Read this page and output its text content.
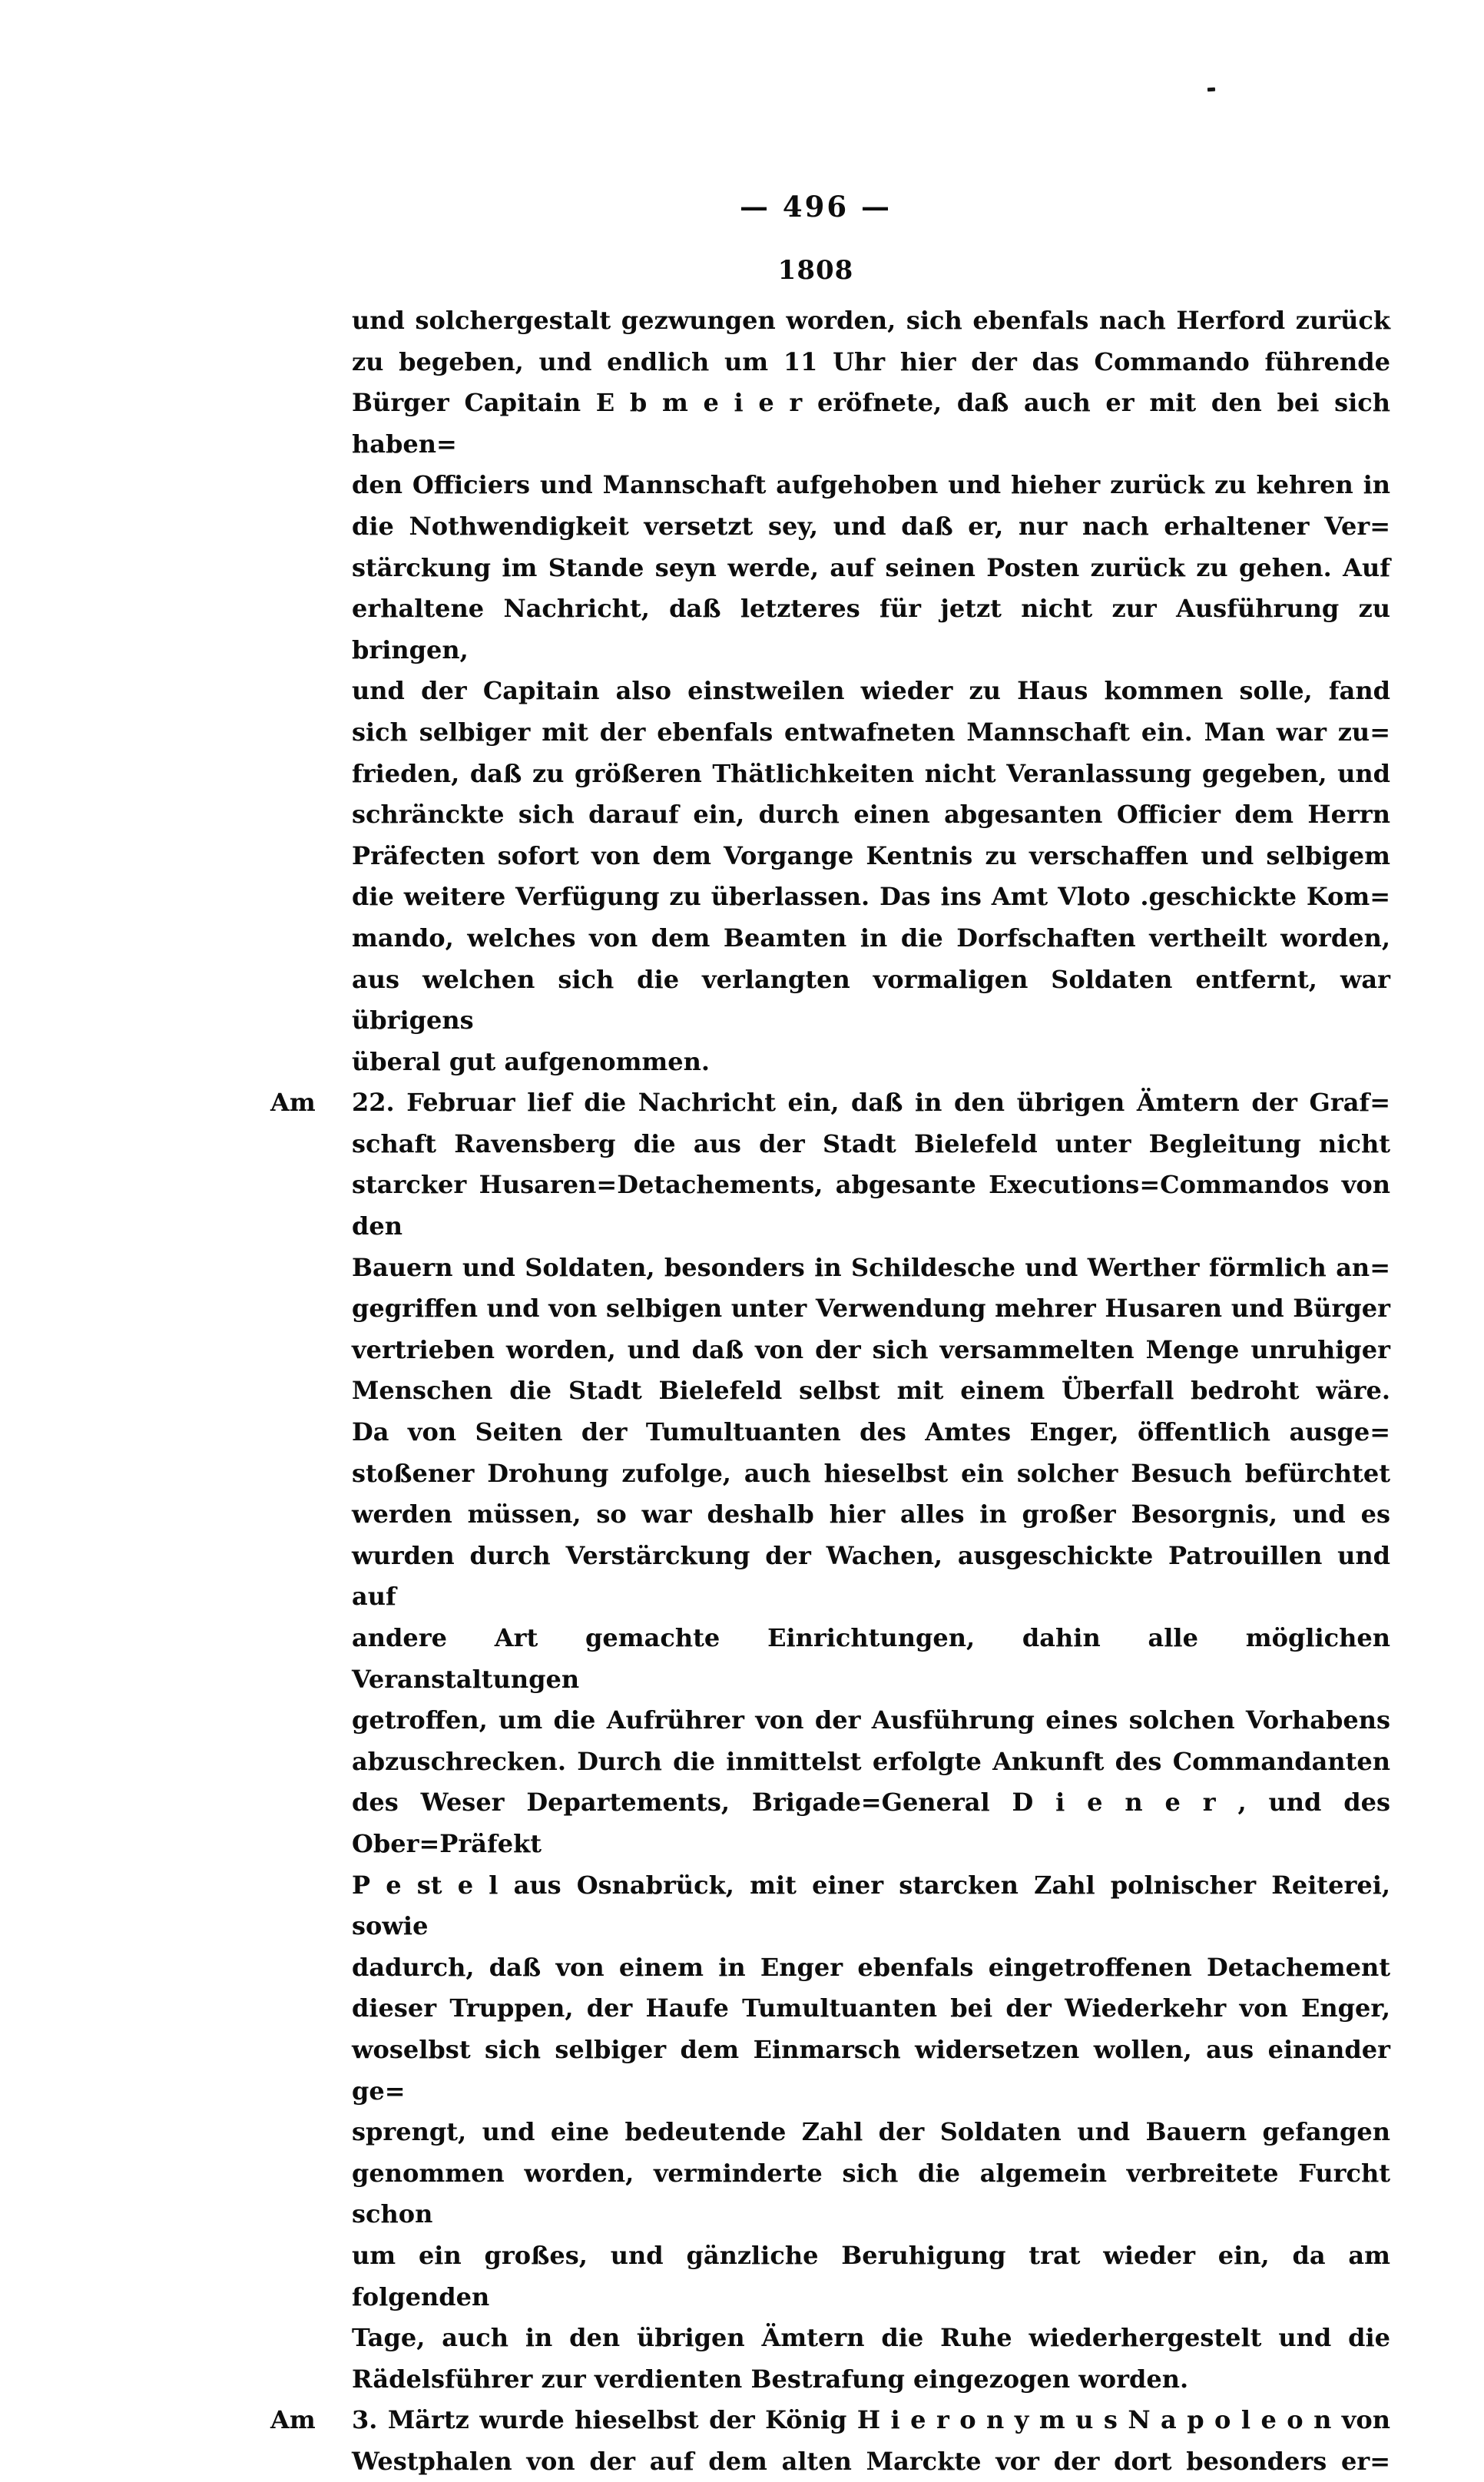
— 496 —
1808
und solchergestalt gezwungen worden, sich ebenfals nach Herford zurück
zu begeben, und endlich um 11 Uhr hier der das Commando führende
Bürger Capitain E b m e i e r eröfnete, daß auch er mit den bei sich haben=
den Officiers und Mannschaft aufgehoben und hieher zurück zu kehren in
die Nothwendigkeit versetzt sey, und daß er, nur nach erhaltener Ver=
stärckung im Stande seyn werde, auf seinen Posten zurück zu gehen. Auf
erhaltene Nachricht, daß letzteres für jetzt nicht zur Ausführung zu bringen,
und der Capitain also einstweilen wieder zu Haus kommen solle, fand
sich selbiger mit der ebenfals entwafneten Mannschaft ein. Man war zu=
frieden, daß zu größeren Thätlichkeiten nicht Veranlassung gegeben, und
schränckte sich darauf ein, durch einen abgesanten Officier dem Herrn
Präfecten sofort von dem Vorgange Kentnis zu verschaffen und selbigem
die weitere Verfügung zu überlassen. Das ins Amt Vloto .geschickte Kom=
mando, welches von dem Beamten in die Dorfschaften vertheilt worden,
aus welchen sich die verlangten vormaligen Soldaten entfernt, war übrigens
überal gut aufgenommen.
Am 22. Februar lief die Nachricht ein, daß in den übrigen Ämtern der Graf=
schaft Ravensberg die aus der Stadt Bielefeld unter Begleitung nicht
starcker Husaren=Detachements, abgesante Executions=Commandos von den
Bauern und Soldaten, besonders in Schildesche und Werther förmlich an=
gegriffen und von selbigen unter Verwendung mehrer Husaren und Bürger
vertrieben worden, und daß von der sich versammelten Menge unruhiger
Menschen die Stadt Bielefeld selbst mit einem Überfall bedroht wäre.
Da von Seiten der Tumultuanten des Amtes Enger, öffentlich ausge=
stoßener Drohung zufolge, auch hieselbst ein solcher Besuch befürchtet
werden müssen, so war deshalb hier alles in großer Besorgnis, und es
wurden durch Verstärckung der Wachen, ausgeschickte Patrouillen und auf
andere Art gemachte Einrichtungen, dahin alle möglichen Veranstaltungen
getroffen, um die Aufrührer von der Ausführung eines solchen Vorhabens
abzuschrecken. Durch die inmittelst erfolgte Ankunft des Commandanten
des Weser Departements, Brigade=General D i e n e r , und des Ober=Präfekt
P e st e l aus Osnabrück, mit einer starcken Zahl polnischer Reiterei, sowie
dadurch, daß von einem in Enger ebenfals eingetroffenen Detachement
dieser Truppen, der Haufe Tumultuanten bei der Wiederkehr von Enger,
woselbst sich selbiger dem Einmarsch widersetzen wollen, aus einander ge=
sprengt, und eine bedeutende Zahl der Soldaten und Bauern gefangen
genommen worden, verminderte sich die algemein verbreitete Furcht schon
um ein großes, und gänzliche Beruhigung trat wieder ein, da am folgenden
Tage, auch in den übrigen Ämtern die Ruhe wiederhergestelt und die
Rädelsführer zur verdienten Bestrafung eingezogen worden.
Am 3. Märtz wurde hieselbst der König H i e r o n y m u s N a p o l e o n von
Westphalen von der auf dem alten Marckte vor der dort besonders er=
